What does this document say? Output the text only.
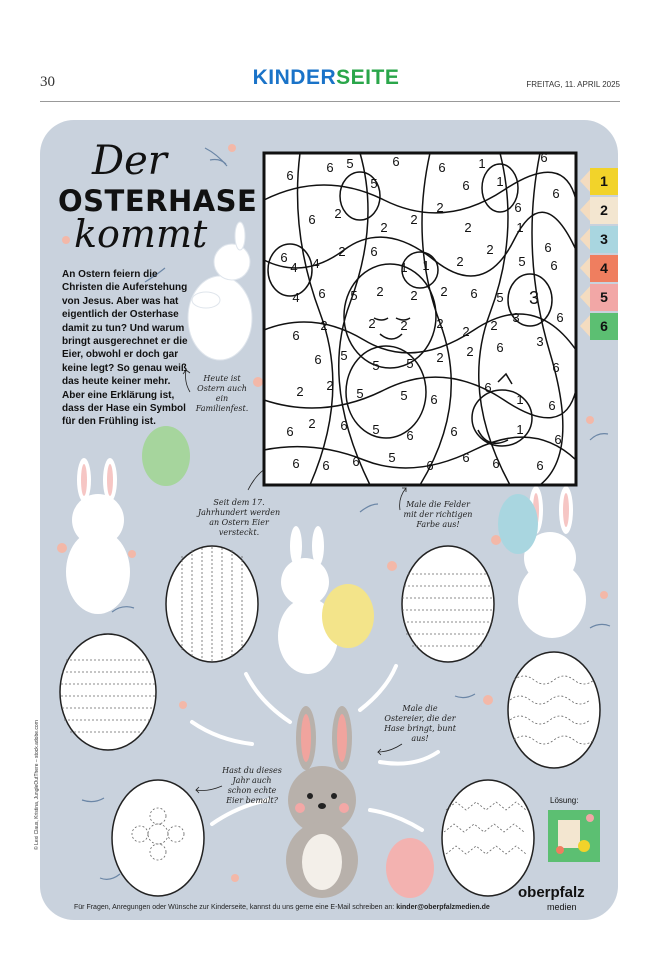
30	KINDERSEITE	FREITAG, 11. APRIL 2025
6
6 5
5
6	6
6
1
1
6
6
6
6 2
2
2
2
2	1
6
6
4 4
2 6
1 1 2
2
5 6
4 6 5 2 2 2 6 5 3
6
6
2	2 2 2
2 2
3
3
6 5
5 5 2 2 6
6
2 2
5	5 6
6
1 6
6
2 6 5 6	6	1
6
6 6 6 5
6
6 6	6
Der
OSTERHASE
kommt
An Ostern feiern die Christen die Auferstehung von Jesus. Aber was hat eigentlich der Osterhase damit zu tun? Und warum bringt ausgerechnet er die Eier, obwohl er doch gar keine legt? So genau weiß das heute keiner mehr. Aber eine Erklärung ist, dass der Hase ein Symbol für den Frühling ist.
Heute ist Ostern auch ein Familienfest.
Seit dem 17. Jahrhundert werden an Ostern Eier versteckt.
Male die Felder mit der richtigen Farbe aus!
Male die Ostereier, die der Hase bringt, bunt aus!
Hast du dieses Jahr auch schon echte Eier bemalt?
1
2
3
4
5
6
Lösung:
Für Fragen, Anregungen oder Wünsche zur Kinderseite, kannst du uns gerne eine E-Mail schreiben an: kinder@oberpfalzmedien.de
© Lexi Claus, Kristina, JungleOutThere – stock.adobe.com
oberpfalz
medien
